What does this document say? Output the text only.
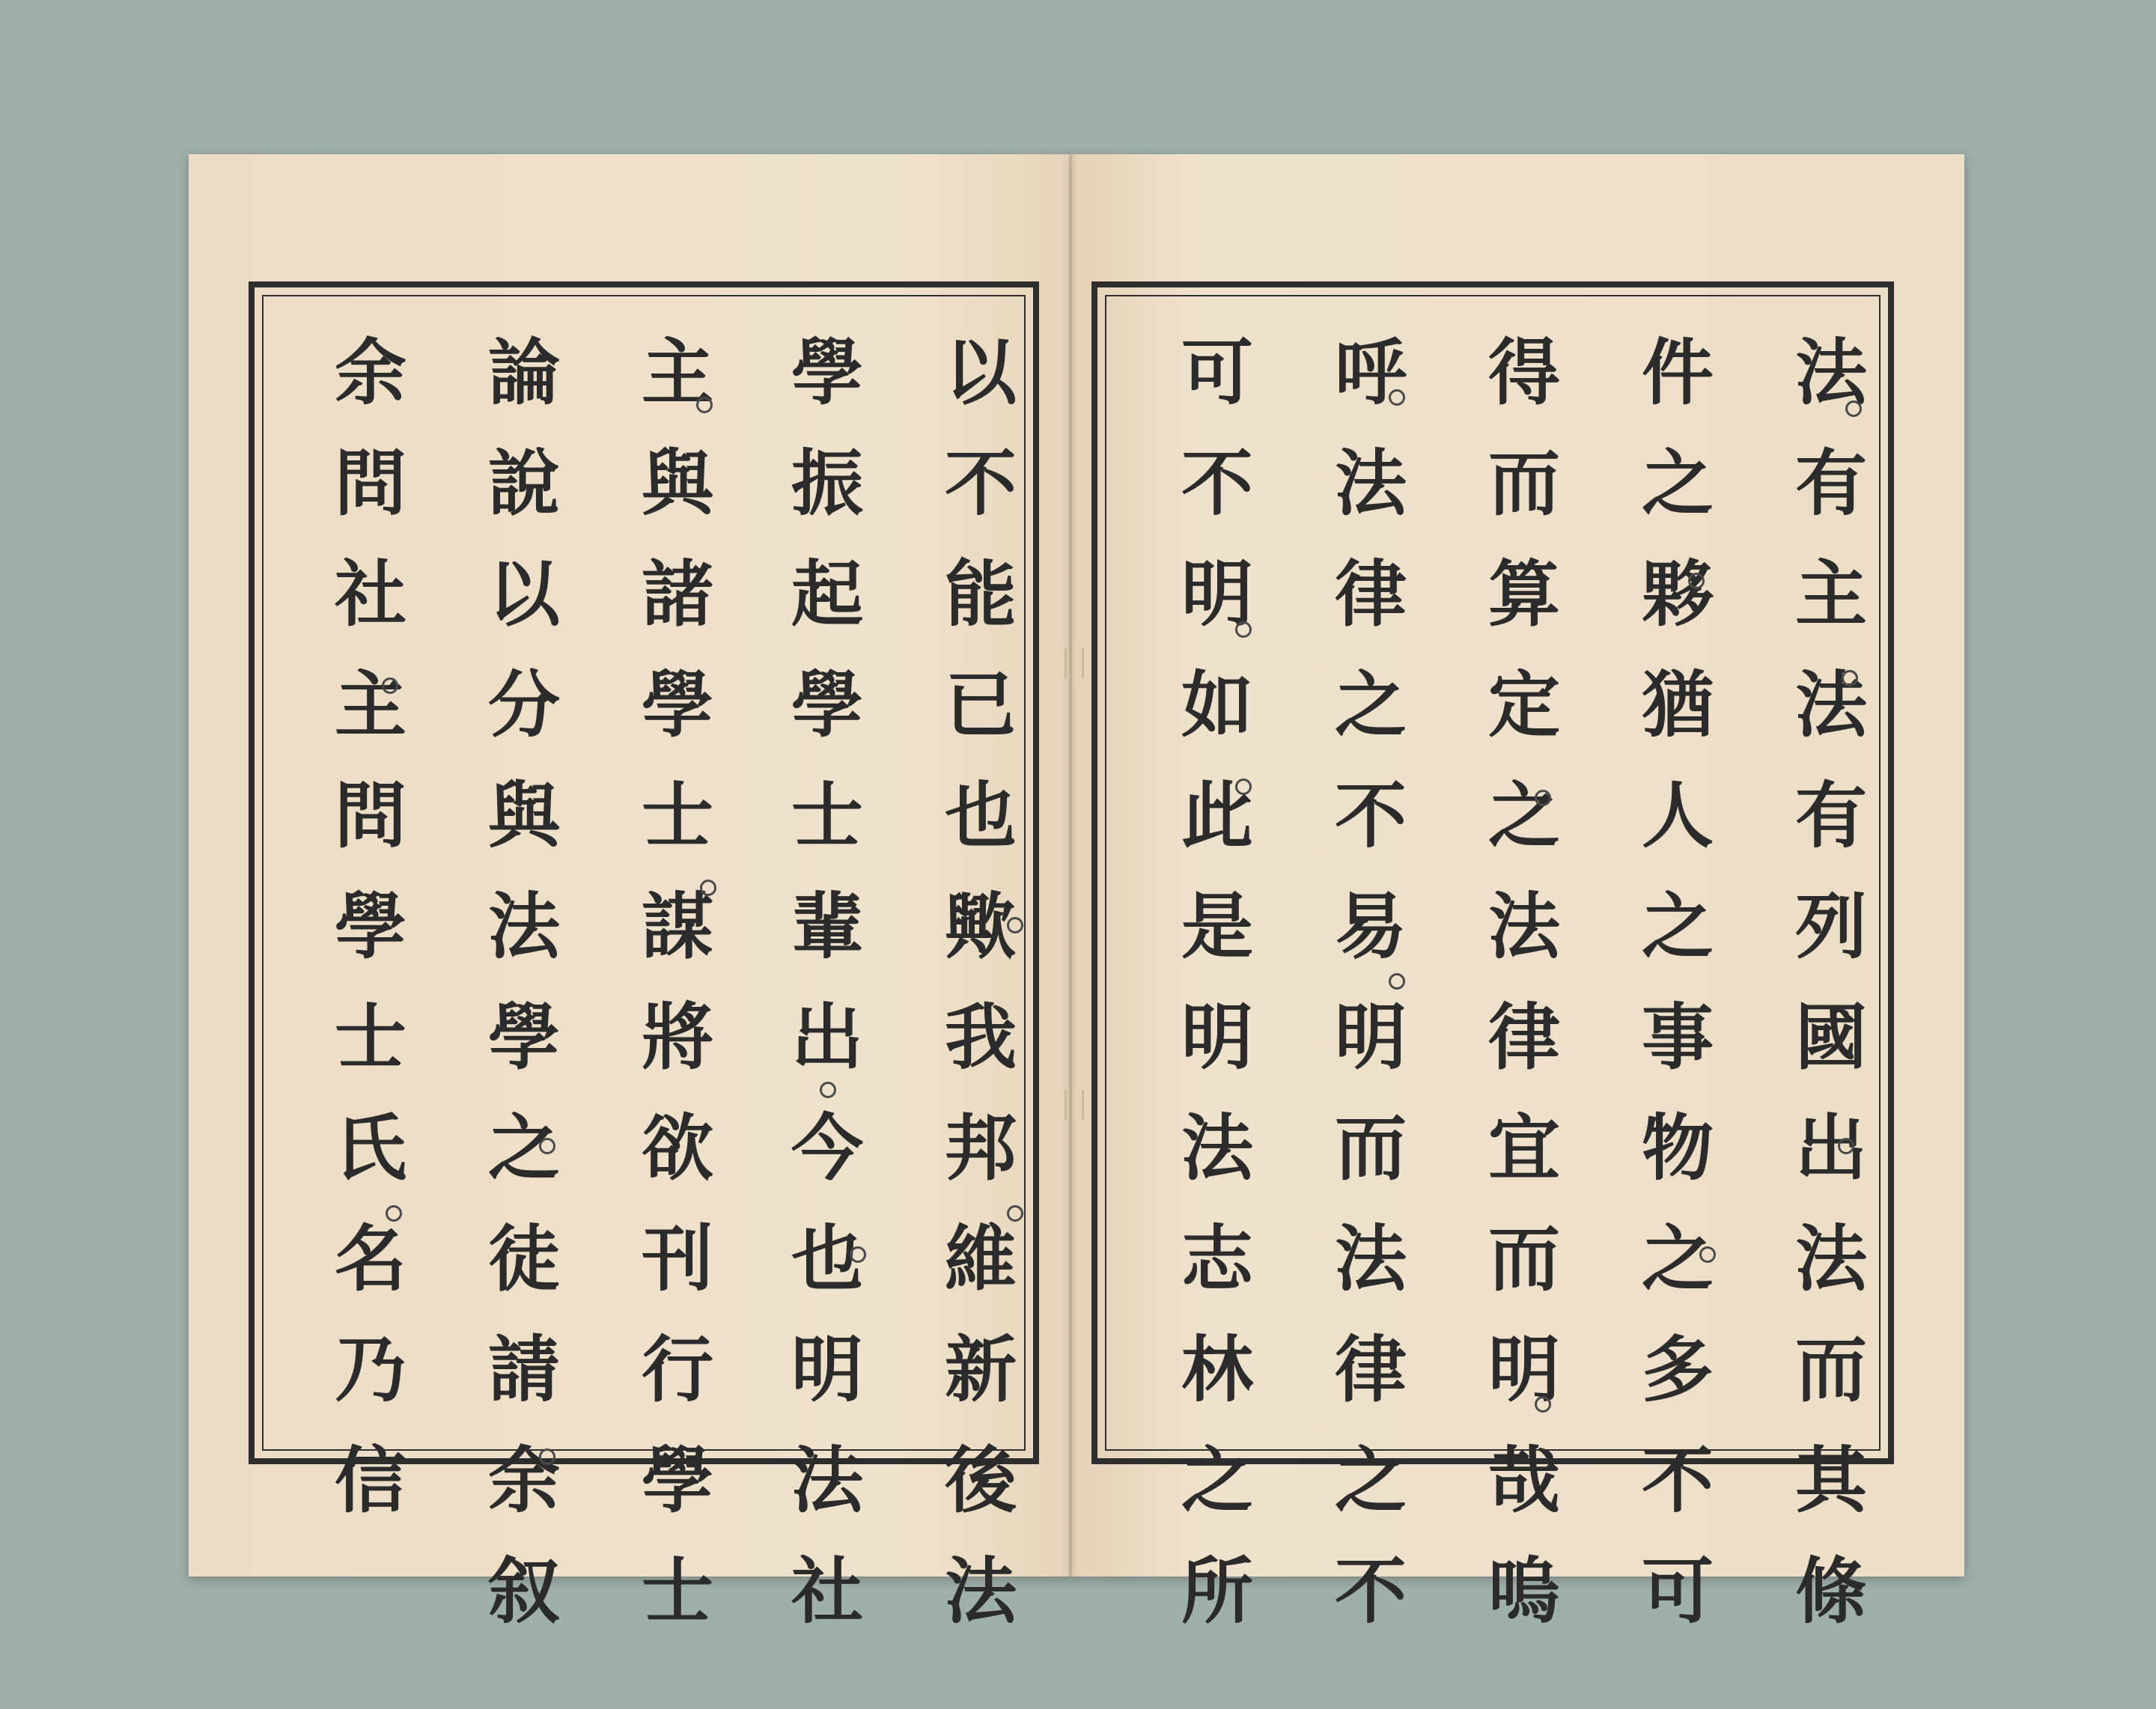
以
不
能
已
也
歟
我
邦
維
新
後
法
學
振
起
學
士
輩
出
今
也
明
法
社
主
與
諸
學
士
謀
將
欲
刊
行
學
士
論
說
以
分
與
法
學
之
徒
請
余
叙
余
問
社
主
問
學
士
氏
名
乃
信
法
有
主
法
有
列
國
出
法
而
其
條
件
之
夥
猶
人
之
事
物
之
多
不
可
得
而
算
定
之
法
律
宜
而
明
哉
嗚
呼
法
律
之
不
易
明
而
法
律
之
不
可
不
明
如
此
是
明
法
志
林
之
所
